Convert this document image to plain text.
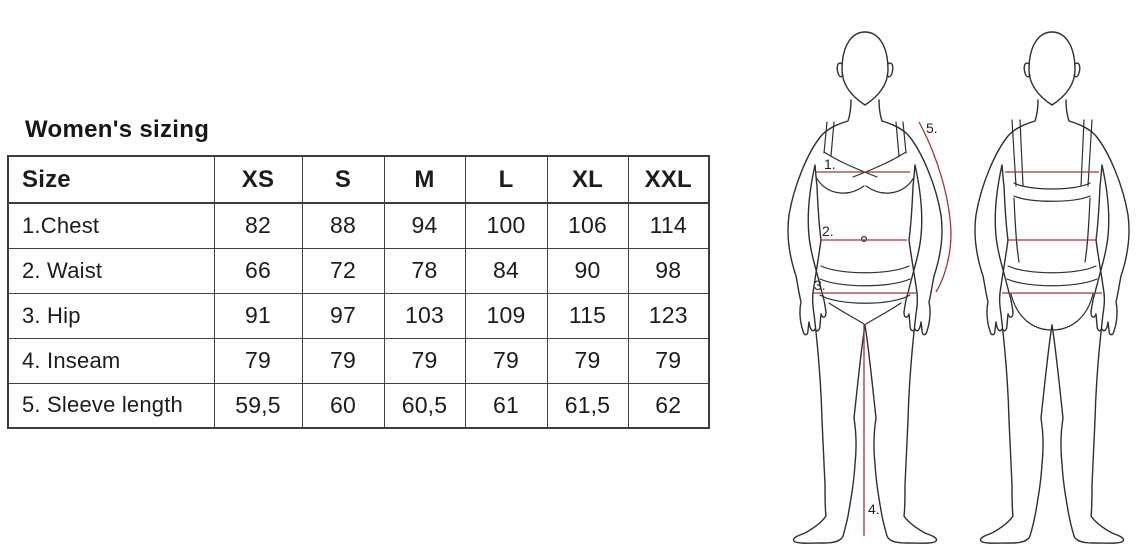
Women's sizing
Size	XS	S	M	L	XL	XXL
1.Chest	82	88	94	100	106	114
2. Waist	66	72	78	84	90	98
3. Hip	91	97	103	109	115	123
4. Inseam	79	79	79	79	79	79
5. Sleeve length	59,5	60	60,5	61	61,5	62
1.
2.
3.
4.
5.
